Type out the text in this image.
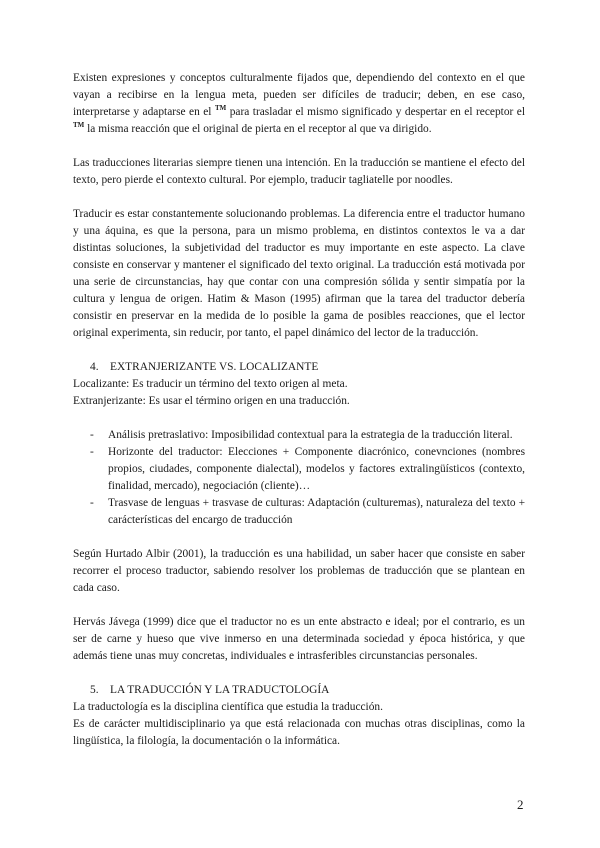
Existen expresiones y conceptos culturalmente fijados que, dependiendo del contexto en el que vayan a recibirse en la lengua meta, pueden ser difíciles de traducir; deben, en ese caso, interpretarse y adaptarse en el ™ para trasladar el mismo significado y despertar en el receptor el ™ la misma reacción que el original de pierta en el receptor al que va dirigido.

Las traducciones literarias siempre tienen una intención. En la traducción se mantiene el efecto del texto, pero pierde el contexto cultural. Por ejemplo, traducir tagliatelle por noodles.

Traducir es estar constantemente solucionando problemas. La diferencia entre el traductor humano y una áquina, es que la persona, para un mismo problema, en distintos contextos le va a dar distintas soluciones, la subjetividad del traductor es muy importante en este aspecto. La clave consiste en conservar y mantener el significado del texto original. La traducción está motivada por una serie de circunstancias, hay que contar con una compresión sólida y sentir simpatía por la cultura y lengua de origen. Hatim & Mason (1995) afirman que la tarea del traductor debería consistir en preservar en la medida de lo posible la gama de posibles reacciones, que el lector original experimenta, sin reducir, por tanto, el papel dinámico del lector de la traducción.

4.	EXTRANJERIZANTE VS. LOCALIZANTE

Localizante: Es traducir un término del texto origen al meta.

Extranjerizante: Es usar el término origen en una traducción.

-	Análisis pretraslativo: Imposibilidad contextual para la estrategia de la traducción literal.
-	Horizonte del traductor: Elecciones + Componente diacrónico, conevnciones (nombres propios, ciudades, componente dialectal), modelos y factores extralingüísticos (contexto, finalidad, mercado), negociación (cliente)…
-	Trasvase de lenguas + trasvase de culturas: Adaptación (culturemas), naturaleza del texto + carácterísticas del encargo de traducción

Según Hurtado Albir (2001), la traducción es una habilidad, un saber hacer que consiste en saber recorrer el proceso traductor, sabiendo resolver los problemas de traducción que se plantean en cada caso.

Hervás Jávega (1999) dice que el traductor no es un ente abstracto e ideal; por el contrario, es un ser de carne y hueso que vive inmerso en una determinada sociedad y época histórica, y que además tiene unas muy concretas, individuales e intrasferibles circunstancias personales.

5.	LA TRADUCCIÓN Y LA TRADUCTOLOGÍA

La traductología es la disciplina científica que estudia la traducción.

Es de carácter multidisciplinario ya que está relacionada con muchas otras disciplinas, como la lingüística, la filología, la documentación o la informática.

2
